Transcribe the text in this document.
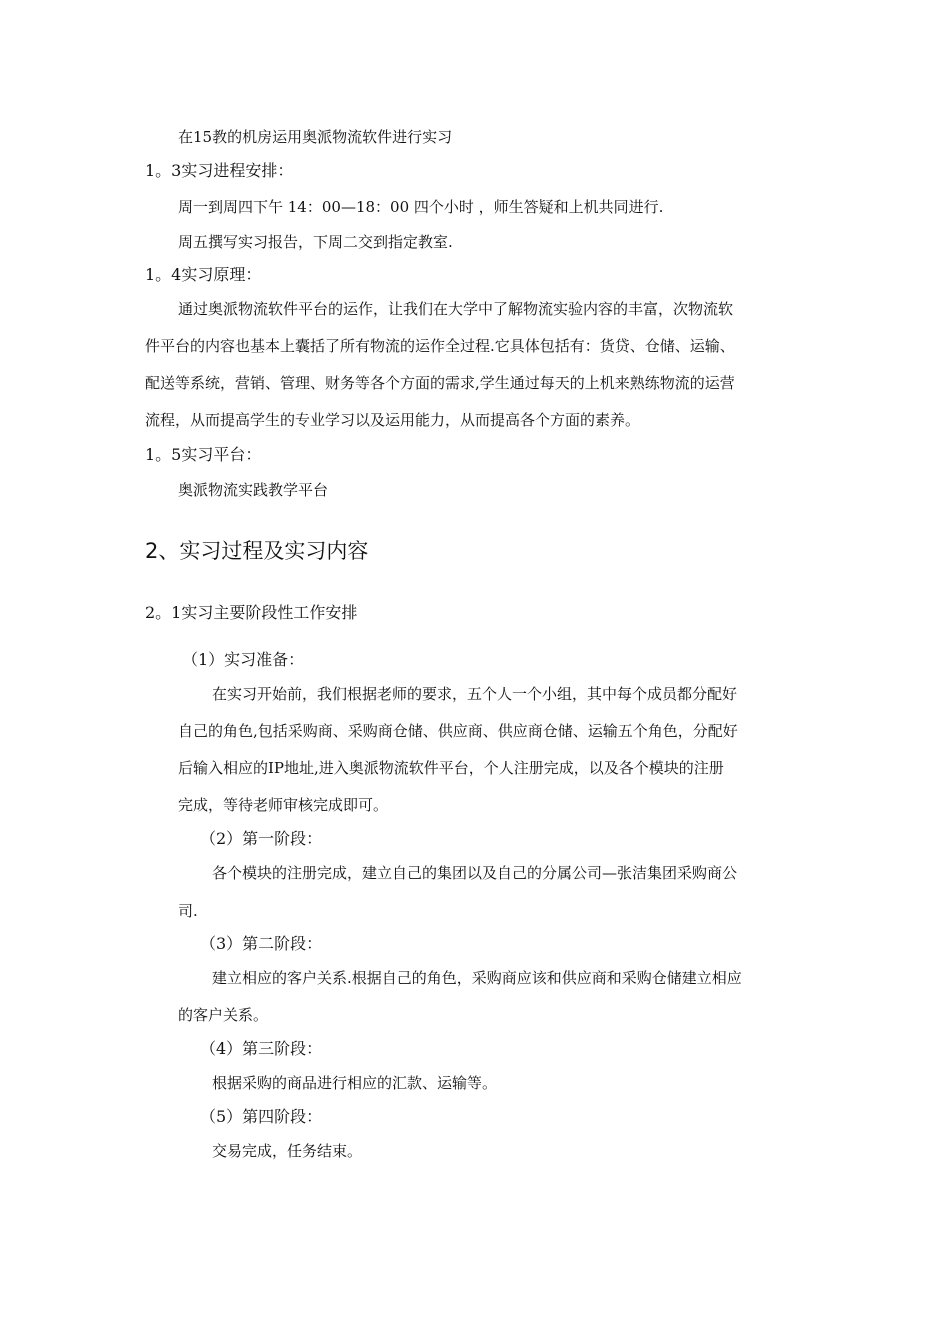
在15教的机房运用奥派物流软件进行实习
1。3实习进程安排：
周一到周四下午 14：00—18：00 四个小时 ，师生答疑和上机共同进行.
周五撰写实习报告，下周二交到指定教室.
1。4实习原理：
通过奥派物流软件平台的运作，让我们在大学中了解物流实验内容的丰富，次物流软
件平台的内容也基本上囊括了所有物流的运作全过程.它具体包括有：货贷、仓储、运输、
配送等系统，营销、管理、财务等各个方面的需求,学生通过每天的上机来熟练物流的运营
流程，从而提高学生的专业学习以及运用能力，从而提高各个方面的素养。
1。5实习平台：
奥派物流实践教学平台
2、实习过程及实习内容
2。1实习主要阶段性工作安排
（1）实习准备：
在实习开始前，我们根据老师的要求，五个人一个小组，其中每个成员都分配好
自己的角色,包括采购商、采购商仓储、供应商、供应商仓储、运输五个角色，分配好
后输入相应的IP地址,进入奥派物流软件平台，个人注册完成，以及各个模块的注册
完成，等待老师审核完成即可。
（2）第一阶段：
各个模块的注册完成，建立自己的集团以及自己的分属公司—张洁集团采购商公
司.
（3）第二阶段：
建立相应的客户关系.根据自己的角色，采购商应该和供应商和采购仓储建立相应
的客户关系。
（4）第三阶段：
根据采购的商品进行相应的汇款、运输等。
（5）第四阶段：
交易完成，任务结束。
